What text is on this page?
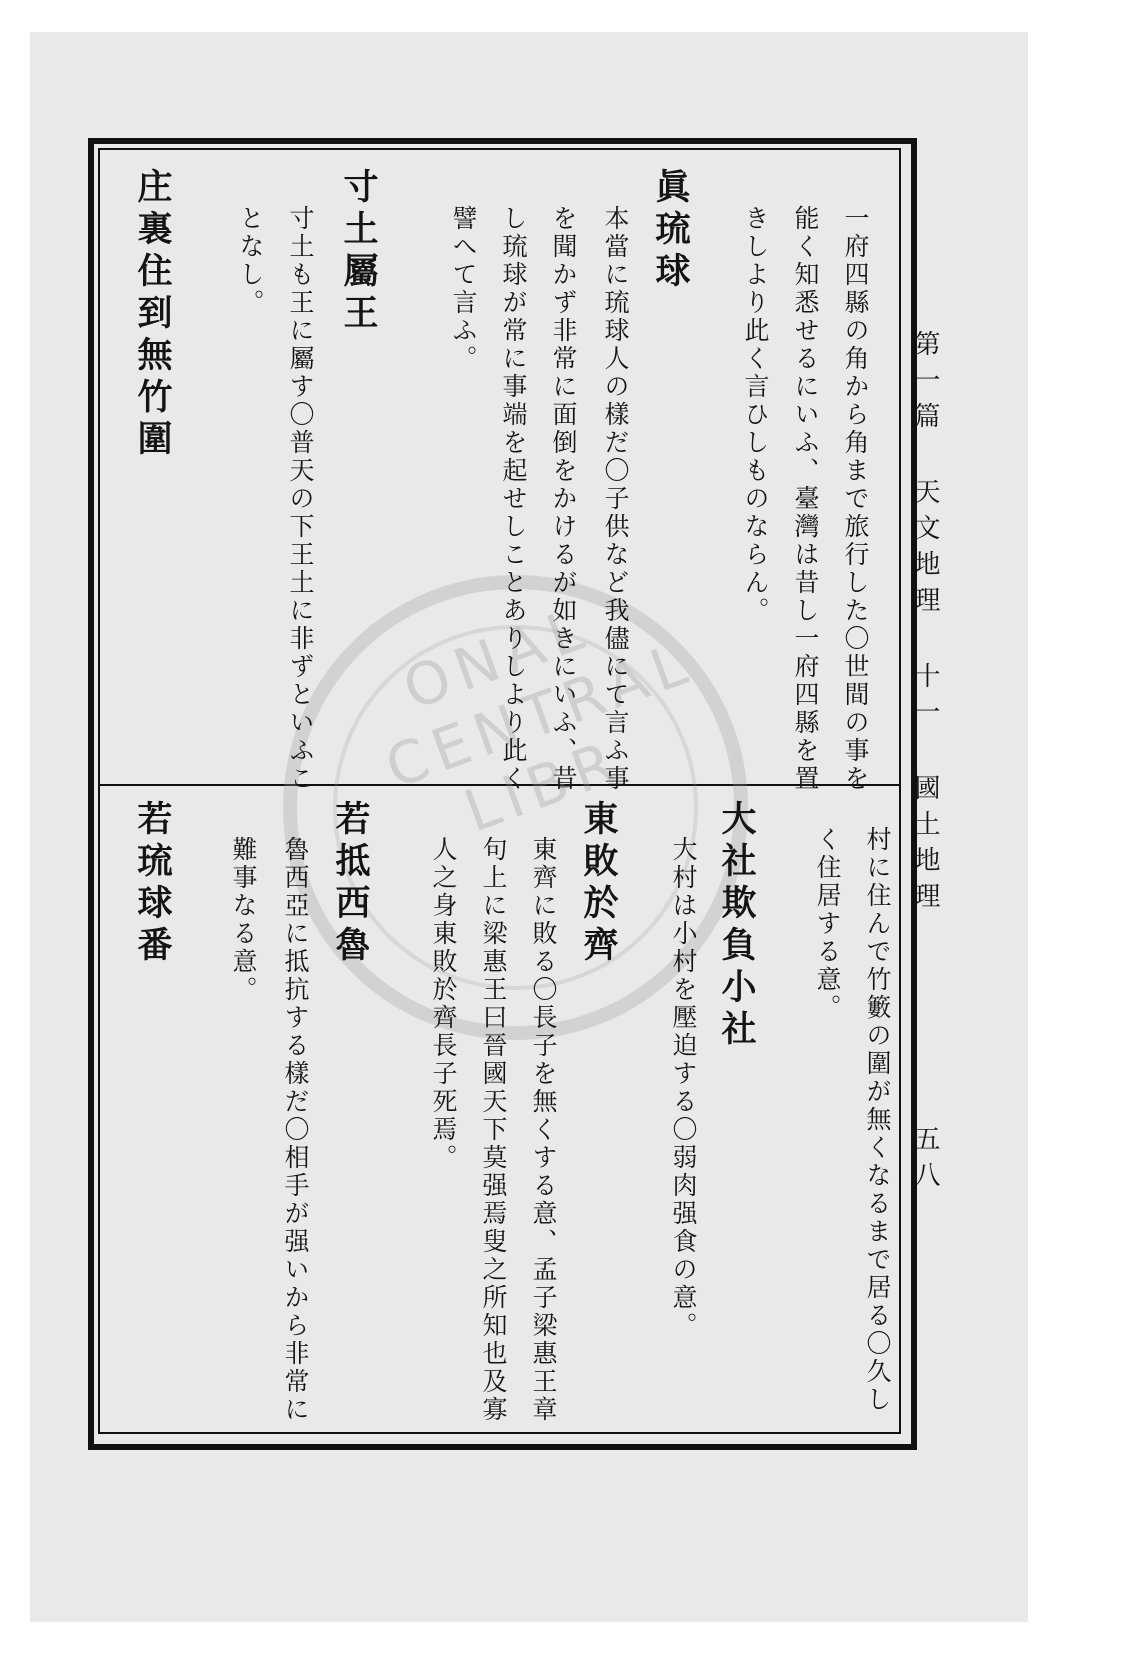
第一篇 天文地理 十一 國土地理
五八
ONAL CENTRAL LIBR	一府四縣の角から角まで旅行した〇世間の事を
能く知悉せるにいふ、臺灣は昔し一府四縣を置
きしより此く言ひしものならん。
眞琉球
本當に琉球人の樣だ〇子供など我儘にて言ふ事
を聞かず非常に面倒をかけるが如きにいふ、昔
し琉球が常に事端を起せしことありしより此く
譬へて言ふ。
寸土屬王
寸土も王に屬す〇普天の下王土に非ずといふこ
となし。
庄裏住到無竹圍
村に住んで竹籔の圍が無くなるまで居る〇久し
く住居する意。
大社欺負小社
大村は小村を壓迫する〇弱肉强食の意。
東敗於齊
東齊に敗る〇長子を無くする意、孟子梁惠王章
句上に梁惠王曰晉國天下莫强焉叟之所知也及寡
人之身東敗於齊長子死焉。
若抵西魯
魯西亞に抵抗する樣だ〇相手が强いから非常に
難事なる意。
若琉球番
